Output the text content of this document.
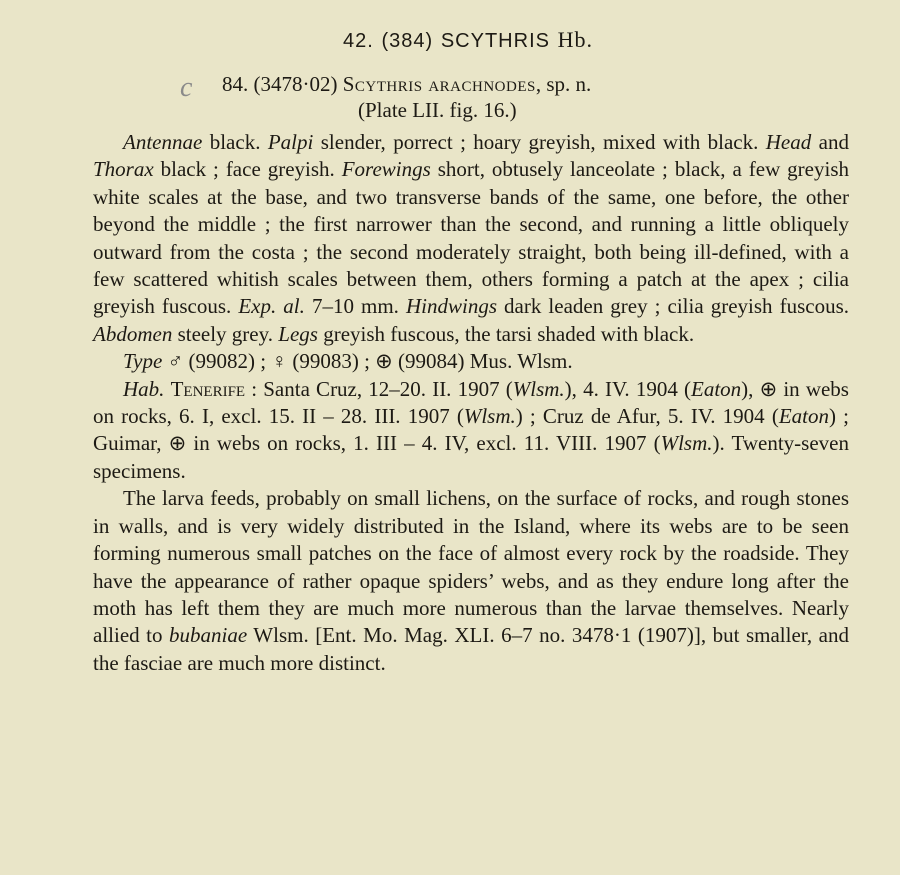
42. (384) SCYTHRIS Hb.
c 84. (3478·02) Scythris arachnodes, sp. n.
(Plate LII. fig. 16.)

Antennae black. Palpi slender, porrect ; hoary greyish, mixed with black. Head and Thorax black ; face greyish. Forewings short, obtusely lanceolate ; black, a few greyish white scales at the base, and two transverse bands of the same, one before, the other beyond the middle ; the first narrower than the second, and running a little obliquely outward from the costa ; the second moderately straight, both being ill-defined, with a few scattered whitish scales between them, others forming a patch at the apex ; cilia greyish fuscous. Exp. al. 7–10 mm. Hindwings dark leaden grey ; cilia greyish fuscous. Abdomen steely grey. Legs greyish fuscous, the tarsi shaded with black.

Type ♂ (99082) ; ♀ (99083) ; ⊕ (99084) Mus. Wlsm.

Hab. Tenerife : Santa Cruz, 12–20. II. 1907 (Wlsm.), 4. IV. 1904 (Eaton), ⊕ in webs on rocks, 6. I, excl. 15. II – 28. III. 1907 (Wlsm.) ; Cruz de Afur, 5. IV. 1904 (Eaton) ; Guimar, ⊕ in webs on rocks, 1. III – 4. IV, excl. 11. VIII. 1907 (Wlsm.). Twenty-seven specimens.

The larva feeds, probably on small lichens, on the surface of rocks, and rough stones in walls, and is very widely distributed in the Island, where its webs are to be seen forming numerous small patches on the face of almost every rock by the roadside. They have the appearance of rather opaque spiders’ webs, and as they endure long after the moth has left them they are much more numerous than the larvae themselves. Nearly allied to bubaniae Wlsm. [Ent. Mo. Mag. XLI. 6–7 no. 3478·1 (1907)], but smaller, and the fasciae are much more distinct.
